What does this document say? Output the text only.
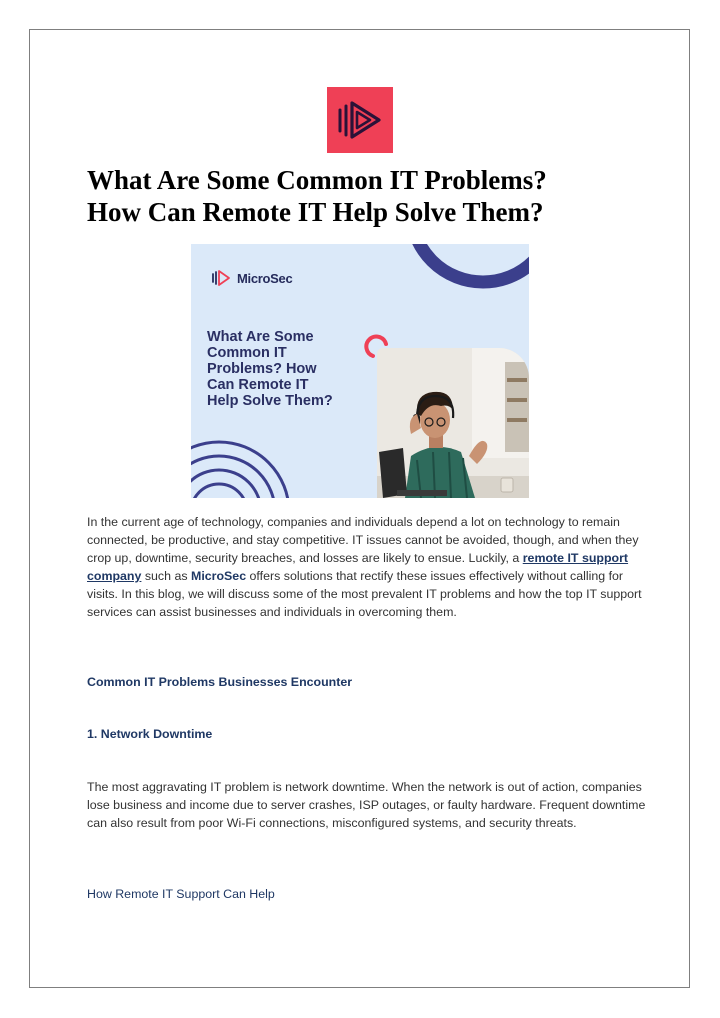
What Are Some Common IT Problems?
How Can Remote IT Help Solve Them?
MicroSec
What Are Some
Common IT
Problems? How
Can Remote IT
Help Solve Them?

In the current age of technology, companies and individuals depend a lot on technology to remain connected, be productive, and stay competitive. IT issues cannot be avoided, though, and when they crop up, downtime, security breaches, and losses are likely to ensue. Luckily, a remote IT support company such as MicroSec offers solutions that rectify these issues effectively without calling for visits. In this blog, we will discuss some of the most prevalent IT problems and how the top IT support services can assist businesses and individuals in overcoming them.

Common IT Problems Businesses Encounter

1. Network Downtime

The most aggravating IT problem is network downtime. When the network is out of action, companies lose business and income due to server crashes, ISP outages, or faulty hardware. Frequent downtime can also result from poor Wi-Fi connections, misconfigured systems, and security threats.

How Remote IT Support Can Help
